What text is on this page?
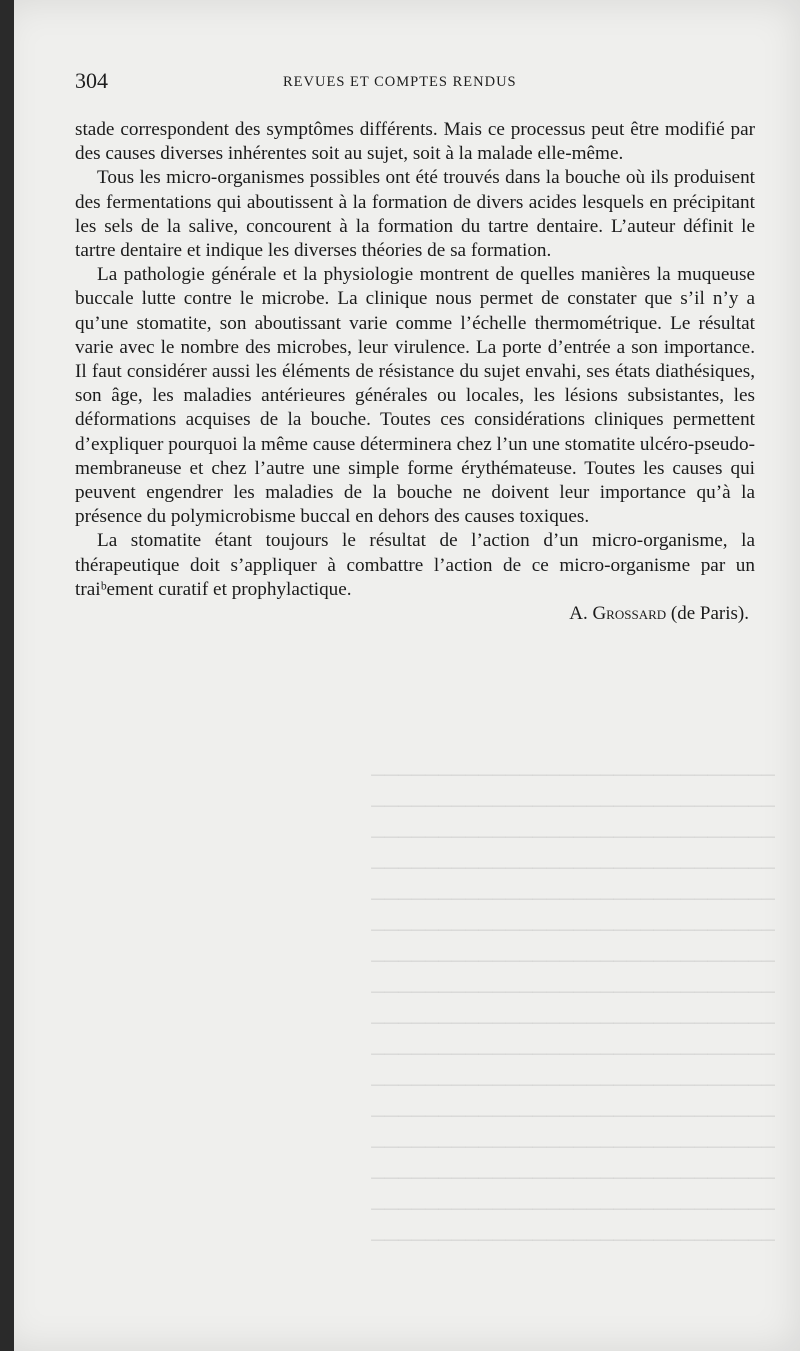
304	REVUES ET COMPTES RENDUS

stade correspondent des symptômes différents. Mais ce processus peut être modifié par des causes diverses inhérentes soit au sujet, soit à la malade elle-même.

Tous les micro-organismes possibles ont été trouvés dans la bouche où ils produisent des fermentations qui aboutissent à la formation de divers acides lesquels en précipitant les sels de la salive, concourent à la formation du tartre dentaire. L’auteur définit le tartre dentaire et indique les diverses théories de sa formation.

La pathologie générale et la physiologie montrent de quelles manières la muqueuse buccale lutte contre le microbe. La clinique nous permet de constater que s’il n’y a qu’une stomatite, son aboutissant varie comme l’échelle thermométrique. Le résultat varie avec le nombre des microbes, leur virulence. La porte d’entrée a son importance. Il faut considérer aussi les éléments de résistance du sujet envahi, ses états diathésiques, son âge, les maladies antérieures générales ou locales, les lésions subsistantes, les déformations acquises de la bouche. Toutes ces considérations cliniques permettent d’expliquer pourquoi la même cause déterminera chez l’un une stomatite ulcéro-pseudo-membraneuse et chez l’autre une simple forme érythémateuse. Toutes les causes qui peuvent engendrer les maladies de la bouche ne doivent leur importance qu’à la présence du polymicrobisme buccal en dehors des causes toxiques.

La stomatite étant toujours le résultat de l’action d’un micro-organisme, la thérapeutique doit s’appliquer à combattre l’action de ce micro-organisme par un traiᵇement curatif et prophylactique.

A. Grossard (de Paris).

──────────────────────────────
──────────────────────────────
──────────────────────────────
──────────────────────────────
──────────────────────────────
──────────────────────────────
──────────────────────────────
──────────────────────────────
──────────────────────────────
──────────────────────────────
──────────────────────────────
──────────────────────────────
──────────────────────────────
──────────────────────────────
──────────────────────────────
──────────────────────────────
